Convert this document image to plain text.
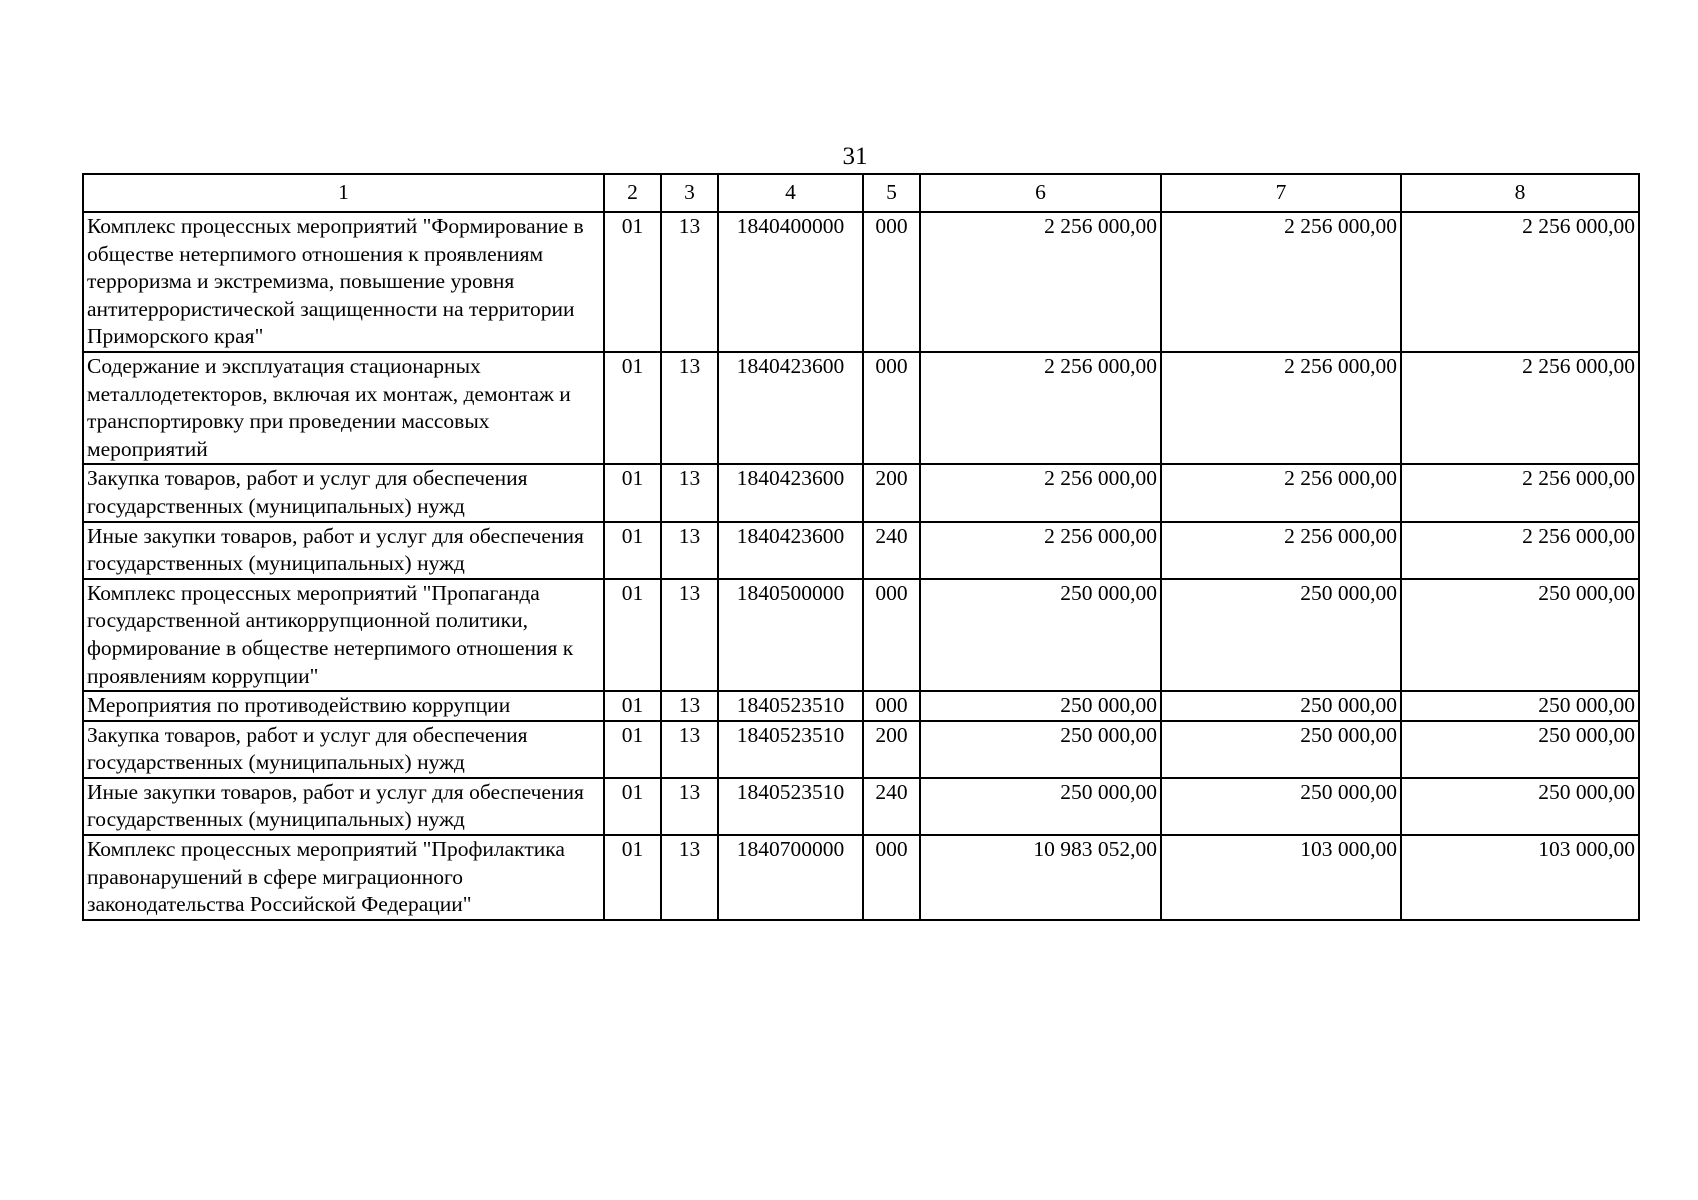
31
1	2	3	4	5	6	7	8
Комплекс процессных мероприятий "Формирование в обществе нетерпимого отношения к проявлениям терроризма и экстремизма, повышение уровня антитеррористической защищенности на территории Приморского края"	01	13	1840400000	000	2 256 000,00	2 256 000,00	2 256 000,00
Содержание и эксплуатация стационарных металлодетекторов, включая их монтаж, демонтаж и транспортировку при проведении массовых мероприятий	01	13	1840423600	000	2 256 000,00	2 256 000,00	2 256 000,00
Закупка товаров, работ и услуг для обеспечения государственных (муниципальных) нужд	01	13	1840423600	200	2 256 000,00	2 256 000,00	2 256 000,00
Иные закупки товаров, работ и услуг для обеспечения государственных (муниципальных) нужд	01	13	1840423600	240	2 256 000,00	2 256 000,00	2 256 000,00
Комплекс процессных мероприятий "Пропаганда государственной антикоррупционной политики, формирование в обществе нетерпимого отношения к проявлениям коррупции"	01	13	1840500000	000	250 000,00	250 000,00	250 000,00
Мероприятия по противодействию коррупции	01	13	1840523510	000	250 000,00	250 000,00	250 000,00
Закупка товаров, работ и услуг для обеспечения государственных (муниципальных) нужд	01	13	1840523510	200	250 000,00	250 000,00	250 000,00
Иные закупки товаров, работ и услуг для обеспечения государственных (муниципальных) нужд	01	13	1840523510	240	250 000,00	250 000,00	250 000,00
Комплекс процессных мероприятий "Профилактика правонарушений в сфере миграционного законодательства Российской Федерации"	01	13	1840700000	000	10 983 052,00	103 000,00	103 000,00
